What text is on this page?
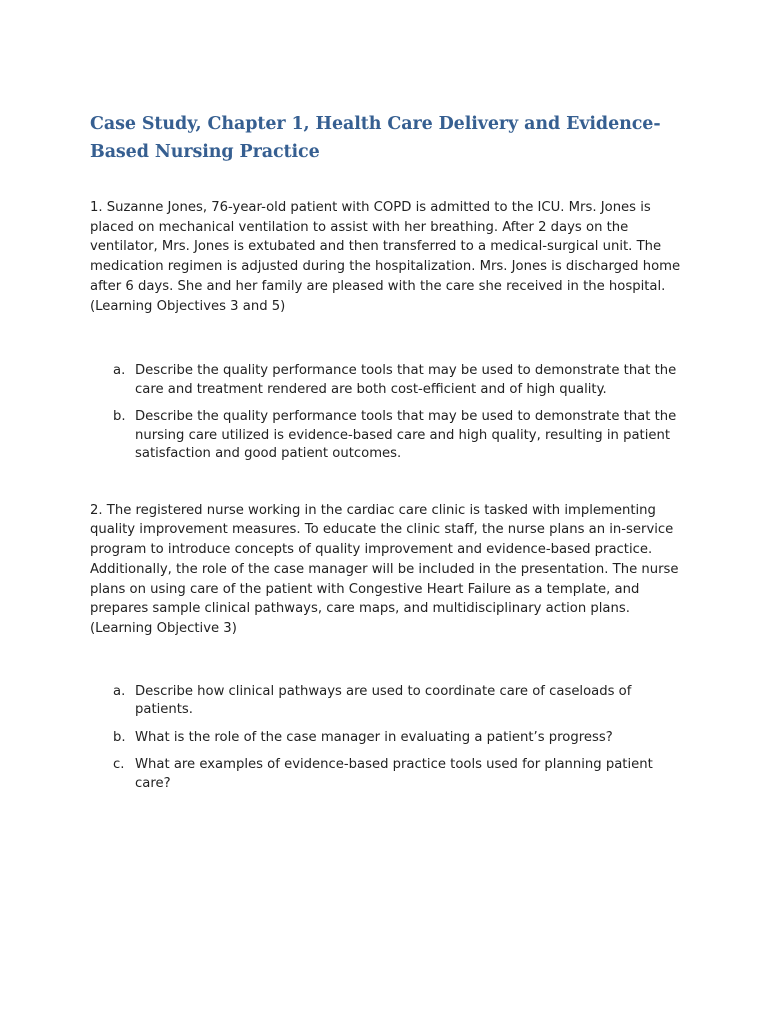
Case Study, Chapter 1, Health Care Delivery and Evidence-Based Nursing Practice

1. Suzanne Jones, 76-year-old patient with COPD is admitted to the ICU. Mrs. Jones is placed on mechanical ventilation to assist with her breathing. After 2 days on the ventilator, Mrs. Jones is extubated and then transferred to a medical-surgical unit. The medication regimen is adjusted during the hospitalization. Mrs. Jones is discharged home after 6 days. She and her family are pleased with the care she received in the hospital. (Learning Objectives 3 and 5)

a. Describe the quality performance tools that may be used to demonstrate that the care and treatment rendered are both cost-efficient and of high quality.
b. Describe the quality performance tools that may be used to demonstrate that the nursing care utilized is evidence-based care and high quality, resulting in patient satisfaction and good patient outcomes.

2. The registered nurse working in the cardiac care clinic is tasked with implementing quality improvement measures. To educate the clinic staff, the nurse plans an in-service program to introduce concepts of quality improvement and evidence-based practice. Additionally, the role of the case manager will be included in the presentation. The nurse plans on using care of the patient with Congestive Heart Failure as a template, and prepares sample clinical pathways, care maps, and multidisciplinary action plans. (Learning Objective 3)

a. Describe how clinical pathways are used to coordinate care of caseloads of patients.
b. What is the role of the case manager in evaluating a patient’s progress?
c. What are examples of evidence-based practice tools used for planning patient care?
